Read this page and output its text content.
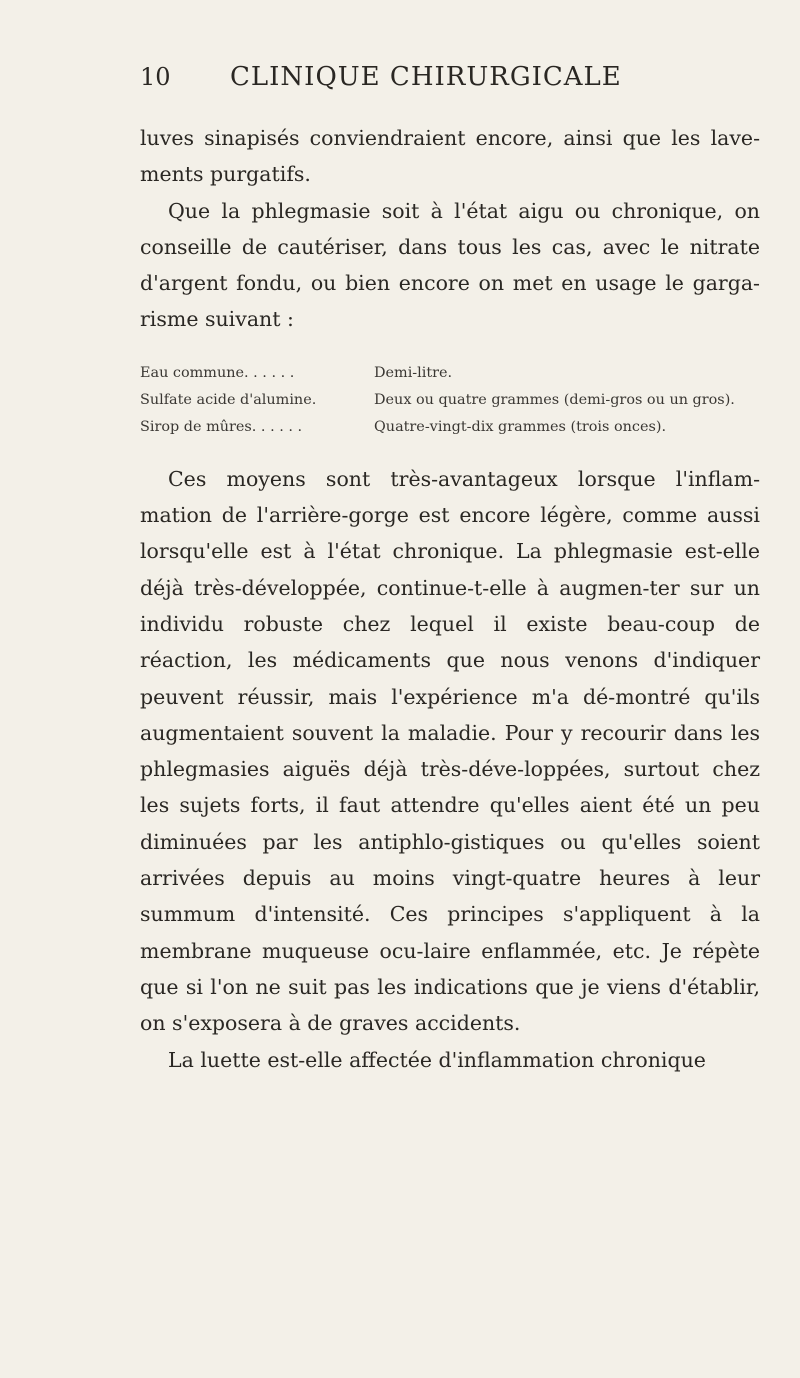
10	CLINIQUE CHIRURGICALE

luves sinapisés conviendraient encore, ainsi que les lave-ments purgatifs.

Que la phlegmasie soit à l'état aigu ou chronique, on conseille de cautériser, dans tous les cas, avec le nitrate d'argent fondu, ou bien encore on met en usage le garga-risme suivant :

Eau commune. . . . . .	Demi-litre.
Sulfate acide d'alumine.	Deux ou quatre grammes (demi-gros ou un gros).
Sirop de mûres. . . . . .	Quatre-vingt-dix grammes (trois onces).

Ces moyens sont très-avantageux lorsque l'inflam-mation de l'arrière-gorge est encore légère, comme aussi lorsqu'elle est à l'état chronique. La phlegmasie est-elle déjà très-développée, continue-t-elle à augmen-ter sur un individu robuste chez lequel il existe beau-coup de réaction, les médicaments que nous venons d'indiquer peuvent réussir, mais l'expérience m'a dé-montré qu'ils augmentaient souvent la maladie. Pour y recourir dans les phlegmasies aiguës déjà très-déve-loppées, surtout chez les sujets forts, il faut attendre qu'elles aient été un peu diminuées par les antiphlo-gistiques ou qu'elles soient arrivées depuis au moins vingt-quatre heures à leur summum d'intensité. Ces principes s'appliquent à la membrane muqueuse ocu-laire enflammée, etc. Je répète que si l'on ne suit pas les indications que je viens d'établir, on s'exposera à de graves accidents.

La luette est-elle affectée d'inflammation chronique
